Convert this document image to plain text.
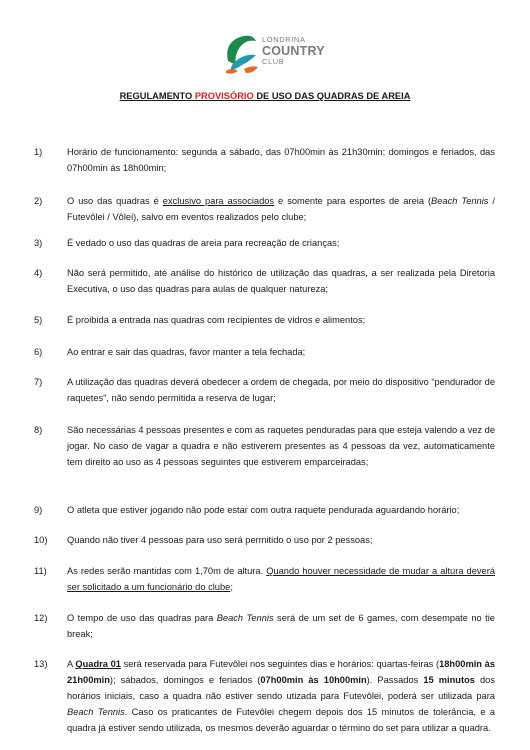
LONDRINA
COUNTRY
CLUB
REGULAMENTO PROVISÓRIO DE USO DAS QUADRAS DE AREIA
1)	Horário de funcionamento: segunda a sábado, das 07h00min às 21h30min; domingos e feriados, das 07h00min às 18h00min;
2)	O uso das quadras é exclusivo para associados e somente para esportes de areia (Beach Tennis / Futevôlei / Vôlei), salvo em eventos realizados pelo clube;
3)	É vedado o uso das quadras de areia para recreação de crianças;
4)	Não será permitido, até análise do histórico de utilização das quadras, a ser realizada pela Diretoria Executiva, o uso das quadras para aulas de qualquer natureza;
5)	É proibida a entrada nas quadras com recipientes de vidros e alimentos;
6)	Ao entrar e sair das quadras, favor manter a tela fechada;
7)	A utilização das quadras deverá obedecer a ordem de chegada, por meio do dispositivo “pendurador de raquetes”, não sendo permitida a reserva de lugar;
8)	São necessárias 4 pessoas presentes e com as raquetes penduradas para que esteja valendo a vez de jogar. No caso de vagar a quadra e não estiverem presentes as 4 pessoas da vez, automaticamente tem direito ao uso as 4 pessoas seguintes que estiverem emparceiradas;
9)	O atleta que estiver jogando não pode estar com outra raquete pendurada aguardando horário;
10)	Quando não tiver 4 pessoas para uso será permitido o uso por 2 pessoas;
11)	As redes serão mantidas com 1,70m de altura. Quando houver necessidade de mudar a altura deverá ser solicitado a um funcionário do clube;
12)	O tempo de uso das quadras para Beach Tennis será de um set de 6 games, com desempate no tie break;
13)	A Quadra 01 será reservada para Futevôlei nos seguintes dias e horários: quartas-feiras (18h00min às 21h00min); sábados, domingos e feriados (07h00min às 10h00min). Passados 15 minutos dos horários iniciais, caso a quadra não estiver sendo utizada para Futevôlei, poderá ser utilizada para Beach Tennis. Caso os praticantes de Futevôlei chegem depois dos 15 minutos de tolerância, e a quadra já estiver sendo utilizada, os mesmos deverão aguardar o término do set para utilizar a quadra.
